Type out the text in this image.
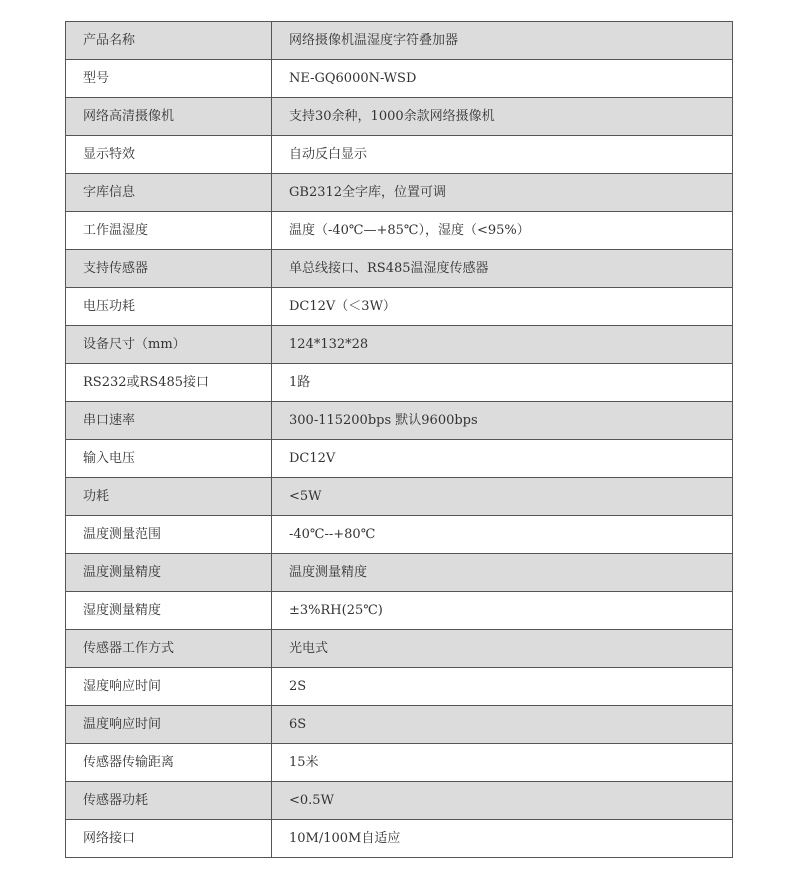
产品名称	网络摄像机温湿度字符叠加器
型号	NE-GQ6000N-WSD
网络高清摄像机	支持30余种，1000余款网络摄像机
显示特效	自动反白显示
字库信息	GB2312全字库，位置可调
工作温湿度	温度（-40℃—+85℃），湿度（<95%）
支持传感器	单总线接口、RS485温湿度传感器
电压功耗	DC12V（＜3W）
设备尺寸（mm）	124*132*28
RS232或RS485接口	1路
串口速率	300-115200bps 默认9600bps
输入电压	DC12V
功耗	<5W
温度测量范围	-40℃--+80℃
温度测量精度	温度测量精度
湿度测量精度	±3%RH(25℃)
传感器工作方式	光电式
湿度响应时间	2S
温度响应时间	6S
传感器传输距离	15米
传感器功耗	<0.5W
网络接口	10M/100M自适应
